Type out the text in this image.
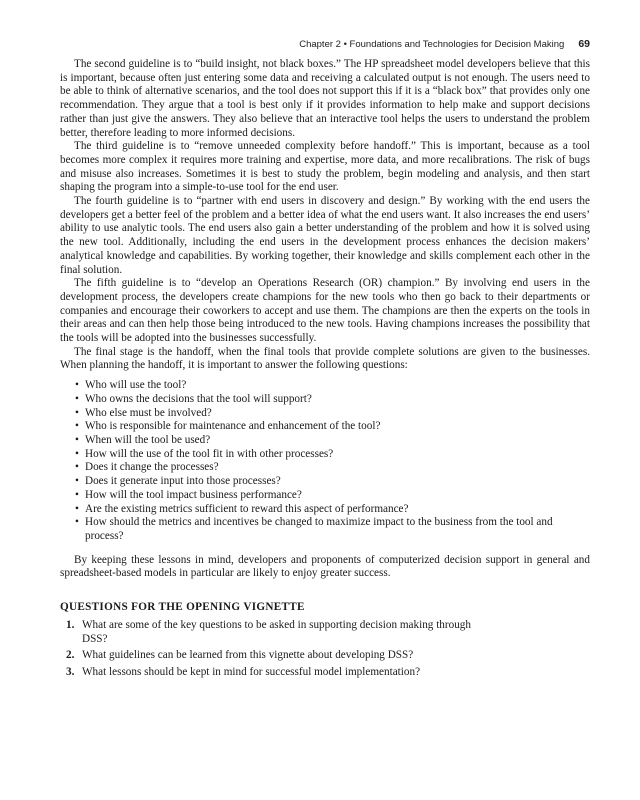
Chapter 2 • Foundations and Technologies for Decision Making 69

The second guideline is to “build insight, not black boxes.” The HP spreadsheet model developers believe that this is important, because often just entering some data and receiving a calculated output is not enough. The users need to be able to think of alternative scenarios, and the tool does not support this if it is a “black box” that provides only one recommendation. They argue that a tool is best only if it provides information to help make and support decisions rather than just give the answers. They also believe that an interactive tool helps the users to understand the problem better, therefore leading to more informed decisions.

The third guideline is to “remove unneeded complexity before handoff.” This is important, because as a tool becomes more complex it requires more training and expertise, more data, and more recalibrations. The risk of bugs and misuse also increases. Sometimes it is best to study the problem, begin modeling and analysis, and then start shaping the program into a simple-to-use tool for the end user.

The fourth guideline is to “partner with end users in discovery and design.” By working with the end users the developers get a better feel of the problem and a better idea of what the end users want. It also increases the end users’ ability to use analytic tools. The end users also gain a better understanding of the problem and how it is solved using the new tool. Additionally, including the end users in the development process enhances the decision makers’ analytical knowledge and capabilities. By working together, their knowledge and skills complement each other in the final solution.

The fifth guideline is to “develop an Operations Research (OR) champion.” By involving end users in the development process, the developers create champions for the new tools who then go back to their departments or companies and encourage their coworkers to accept and use them. The champions are then the experts on the tools in their areas and can then help those being introduced to the new tools. Having champions increases the possibility that the tools will be adopted into the businesses successfully.

The final stage is the handoff, when the final tools that provide complete solutions are given to the businesses. When planning the handoff, it is important to answer the following questions:

• Who will use the tool?
• Who owns the decisions that the tool will support?
• Who else must be involved?
• Who is responsible for maintenance and enhancement of the tool?
• When will the tool be used?
• How will the use of the tool fit in with other processes?
• Does it change the processes?
• Does it generate input into those processes?
• How will the tool impact business performance?
• Are the existing metrics sufficient to reward this aspect of performance?
• How should the metrics and incentives be changed to maximize impact to the business from the tool and process?

By keeping these lessons in mind, developers and proponents of computerized decision support in general and spreadsheet-based models in particular are likely to enjoy greater success.

QUESTIONS FOR THE OPENING VIGNETTE
1. What are some of the key questions to be asked in supporting decision making through DSS?
2. What guidelines can be learned from this vignette about developing DSS?
3. What lessons should be kept in mind for successful model implementation?
